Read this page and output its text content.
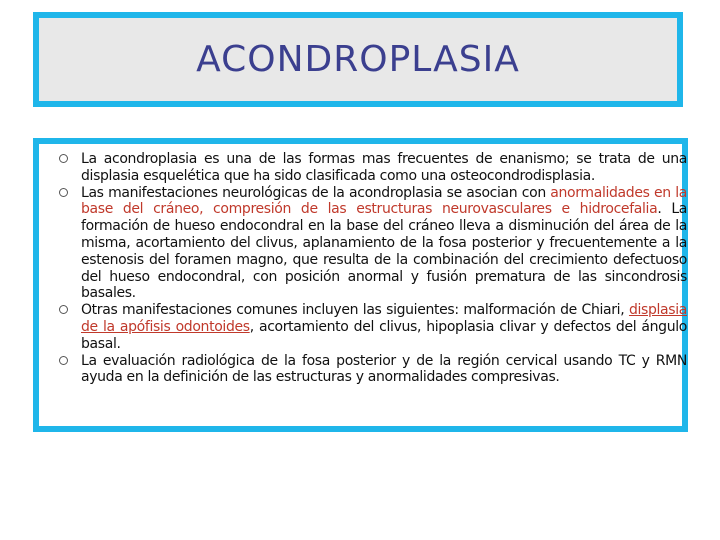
ACONDROPLASIA
La acondroplasia es una de las formas mas frecuentes de enanismo; se trata de una displasia esquelética que ha sido clasificada como una osteocondrodisplasia.
Las manifestaciones neurológicas de la acondroplasia se asocian con anormalidades en la base del cráneo, compresión de las estructuras neurovasculares e hidrocefalia. La formación de hueso endocondral en la base del cráneo lleva a disminución del área de la misma, acortamiento del clivus, aplanamiento de la fosa posterior y frecuentemente a la estenosis del foramen magno, que resulta de la combinación del crecimiento defectuoso del hueso endocondral, con posición anormal y fusión prematura de las sincondrosis basales.
Otras manifestaciones comunes incluyen las siguientes: malformación de Chiari, displasia de la apófisis odontoides, acortamiento del clivus, hipoplasia clivar y defectos del ángulo basal.
La evaluación radiológica de la fosa posterior y de la región cervical usando TC y RMN ayuda en la definición de las estructuras y anormalidades compresivas.
